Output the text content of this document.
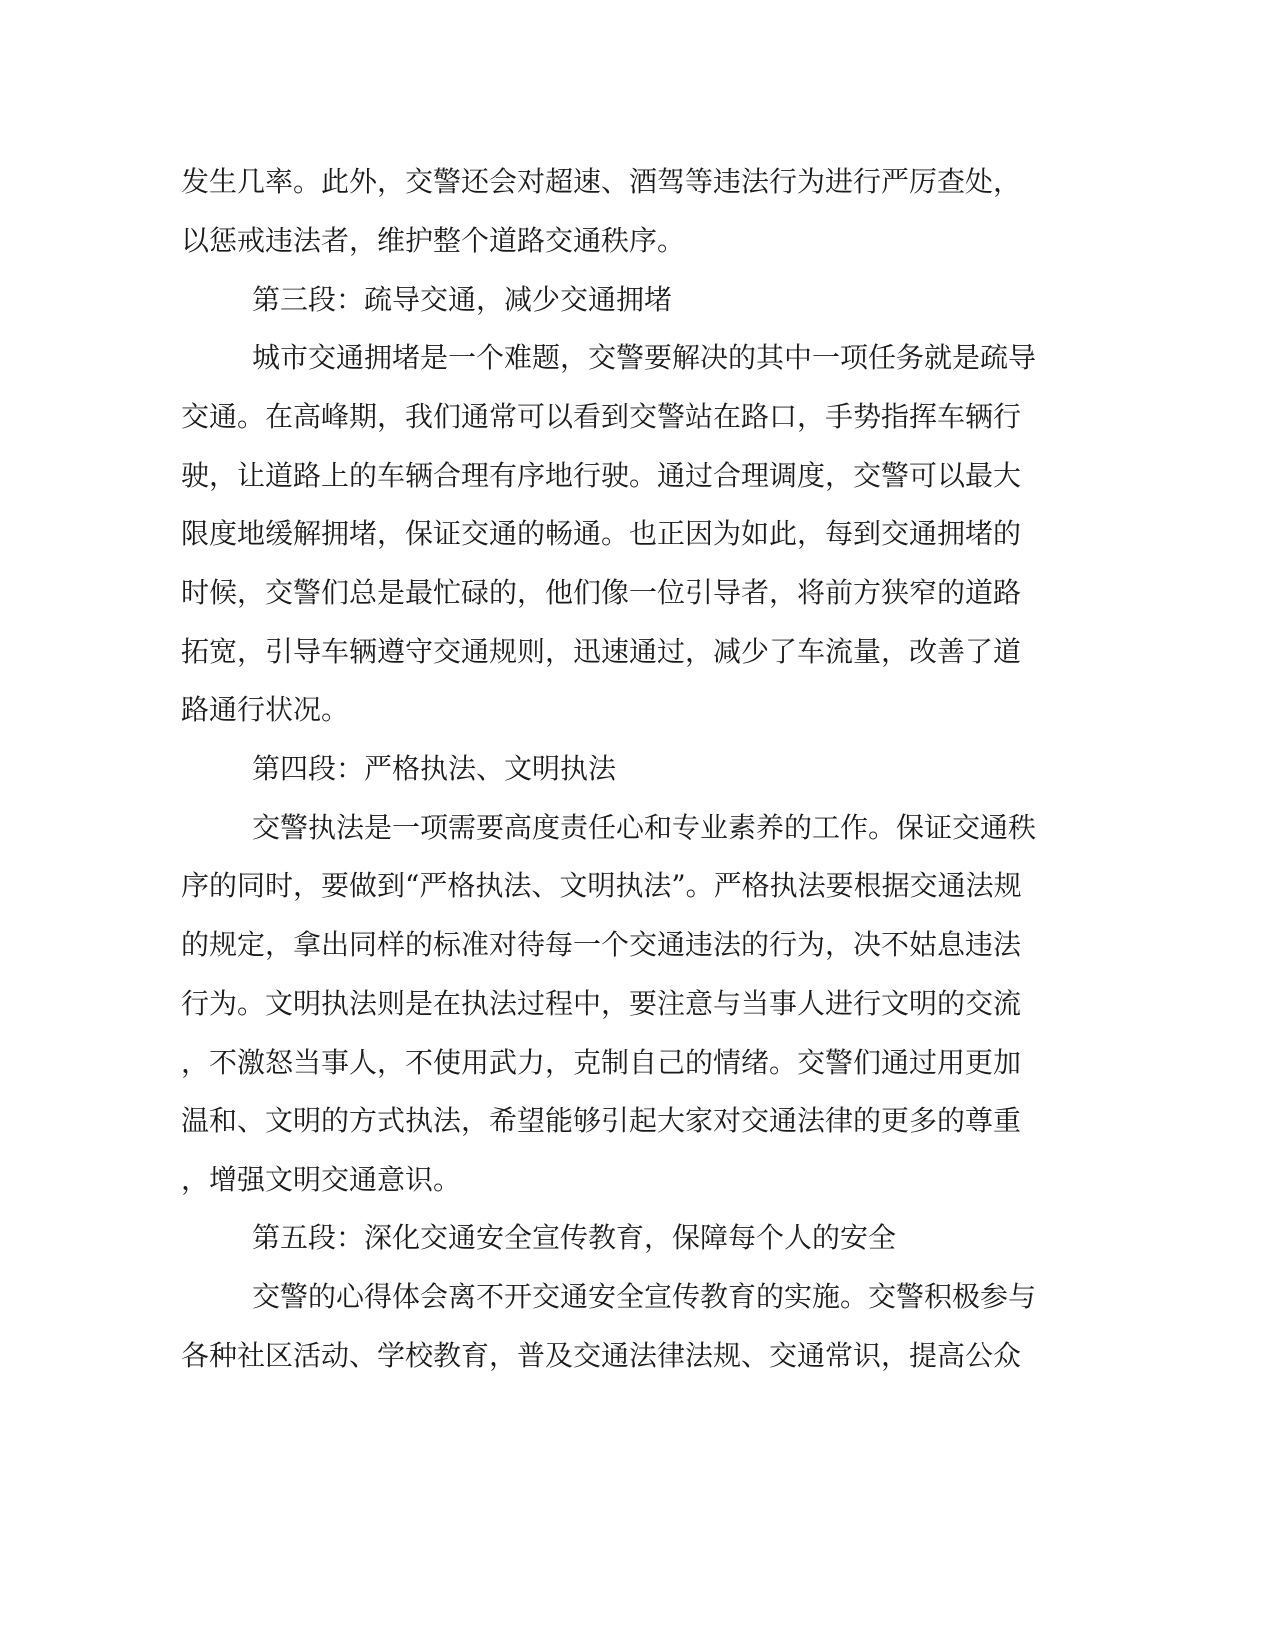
发生几率。此外，交警还会对超速、酒驾等违法行为进行严厉查处，
以惩戒违法者，维护整个道路交通秩序。
第三段：疏导交通，减少交通拥堵
城市交通拥堵是一个难题，交警要解决的其中一项任务就是疏导
交通。在高峰期，我们通常可以看到交警站在路口，手势指挥车辆行
驶，让道路上的车辆合理有序地行驶。通过合理调度，交警可以最大
限度地缓解拥堵，保证交通的畅通。也正因为如此，每到交通拥堵的
时候，交警们总是最忙碌的，他们像一位引导者，将前方狭窄的道路
拓宽，引导车辆遵守交通规则，迅速通过，减少了车流量，改善了道
路通行状况。
第四段：严格执法、文明执法
交警执法是一项需要高度责任心和专业素养的工作。保证交通秩
序的同时，要做到“严格执法、文明执法”。严格执法要根据交通法规
的规定，拿出同样的标准对待每一个交通违法的行为，决不姑息违法
行为。文明执法则是在执法过程中，要注意与当事人进行文明的交流
，不激怒当事人，不使用武力，克制自己的情绪。交警们通过用更加
温和、文明的方式执法，希望能够引起大家对交通法律的更多的尊重
，增强文明交通意识。
第五段：深化交通安全宣传教育，保障每个人的安全
交警的心得体会离不开交通安全宣传教育的实施。交警积极参与
各种社区活动、学校教育，普及交通法律法规、交通常识，提高公众
